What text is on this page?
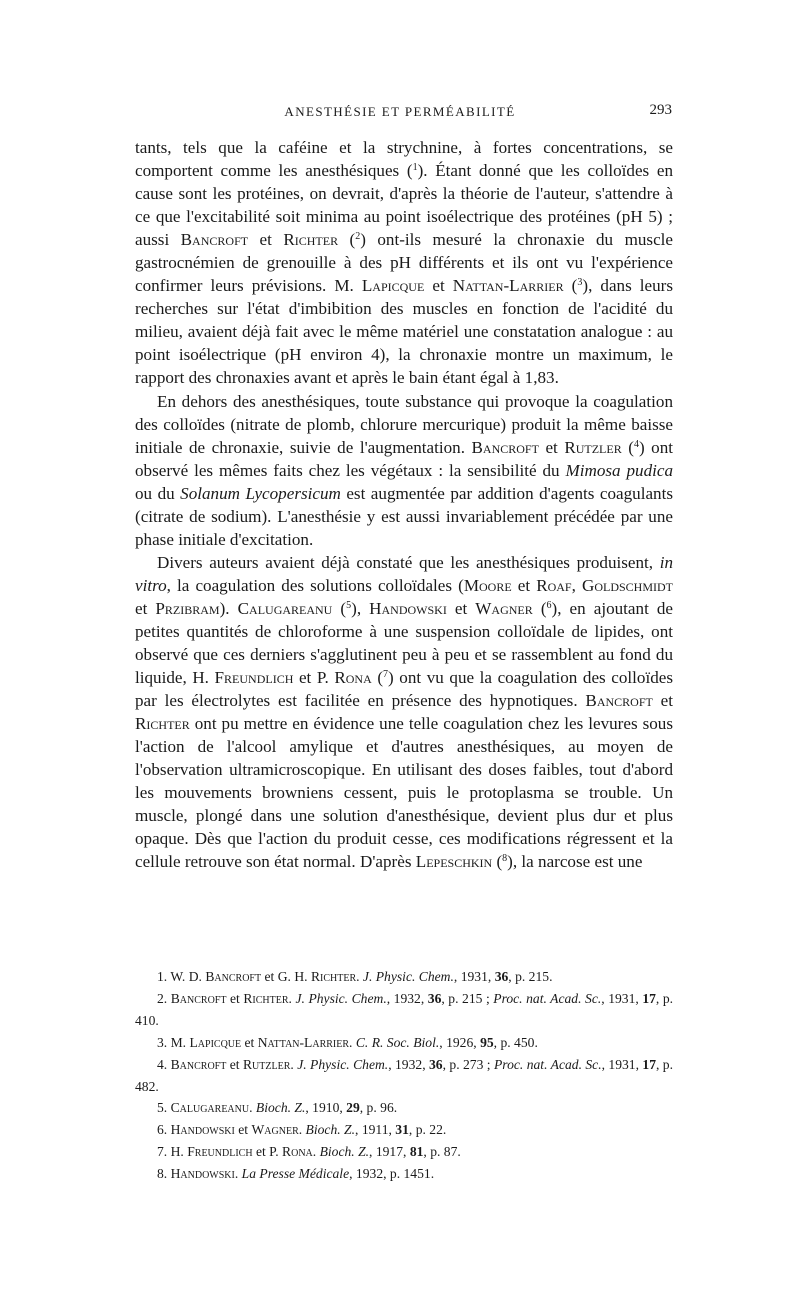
ANESTHÉSIE ET PERMÉABILITÉ	293

tants, tels que la caféine et la strychnine, à fortes concentrations, se comportent comme les anesthésiques ($^1$). Étant donné que les colloïdes en cause sont les protéines, on devrait, d'après la théorie de l'auteur, s'attendre à ce que l'excitabilité soit minima au point isoélectrique des protéines (pH 5) ; aussi Bancroft et Richter ($^2$) ont-ils mesuré la chronaxie du muscle gastrocnémien de grenouille à des pH différents et ils ont vu l'expérience confirmer leurs prévisions. M. Lapicque et Nattan-Larrier ($^3$), dans leurs recherches sur l'état d'imbibition des muscles en fonction de l'acidité du milieu, avaient déjà fait avec le même matériel une constatation analogue : au point isoélectrique (pH environ 4), la chronaxie montre un maximum, le rapport des chronaxies avant et après le bain étant égal à 1,83.

En dehors des anesthésiques, toute substance qui provoque la coagulation des colloïdes (nitrate de plomb, chlorure mercurique) produit la même baisse initiale de chronaxie, suivie de l'augmentation. Bancroft et Rutzler ($^4$) ont observé les mêmes faits chez les végétaux : la sensibilité du Mimosa pudica ou du Solanum Lycopersicum est augmentée par addition d'agents coagulants (citrate de sodium). L'anesthésie y est aussi invariablement précédée par une phase initiale d'excitation.

Divers auteurs avaient déjà constaté que les anesthésiques produisent, in vitro, la coagulation des solutions colloïdales (Moore et Roaf, Goldschmidt et Przibram). Calugareanu ($^5$), Handowski et Wagner ($^6$), en ajoutant de petites quantités de chloroforme à une suspension colloïdale de lipides, ont observé que ces derniers s'agglutinent peu à peu et se rassemblent au fond du liquide, H. Freundlich et P. Rona ($^7$) ont vu que la coagulation des colloïdes par les électrolytes est facilitée en présence des hypnotiques. Bancroft et Richter ont pu mettre en évidence une telle coagulation chez les levures sous l'action de l'alcool amylique et d'autres anesthésiques, au moyen de l'observation ultramicroscopique. En utilisant des doses faibles, tout d'abord les mouvements browniens cessent, puis le protoplasma se trouble. Un muscle, plongé dans une solution d'anesthésique, devient plus dur et plus opaque. Dès que l'action du produit cesse, ces modifications régressent et la cellule retrouve son état normal. D'après Lepeschkin ($^8$), la narcose est une

1. W. D. Bancroft et G. H. Richter. J. Physic. Chem., 1931, 36, p. 215.

2. Bancroft et Richter. J. Physic. Chem., 1932, 36, p. 215 ; Proc. nat. Acad. Sc., 1931, 17, p. 410.

3. M. Lapicque et Nattan-Larrier. C. R. Soc. Biol., 1926, 95, p. 450.

4. Bancroft et Rutzler. J. Physic. Chem., 1932, 36, p. 273 ; Proc. nat. Acad. Sc., 1931, 17, p. 482.

5. Calugareanu. Bioch. Z., 1910, 29, p. 96.

6. Handowski et Wagner. Bioch. Z., 1911, 31, p. 22.

7. H. Freundlich et P. Rona. Bioch. Z., 1917, 81, p. 87.

8. Handowski. La Presse Médicale, 1932, p. 1451.
